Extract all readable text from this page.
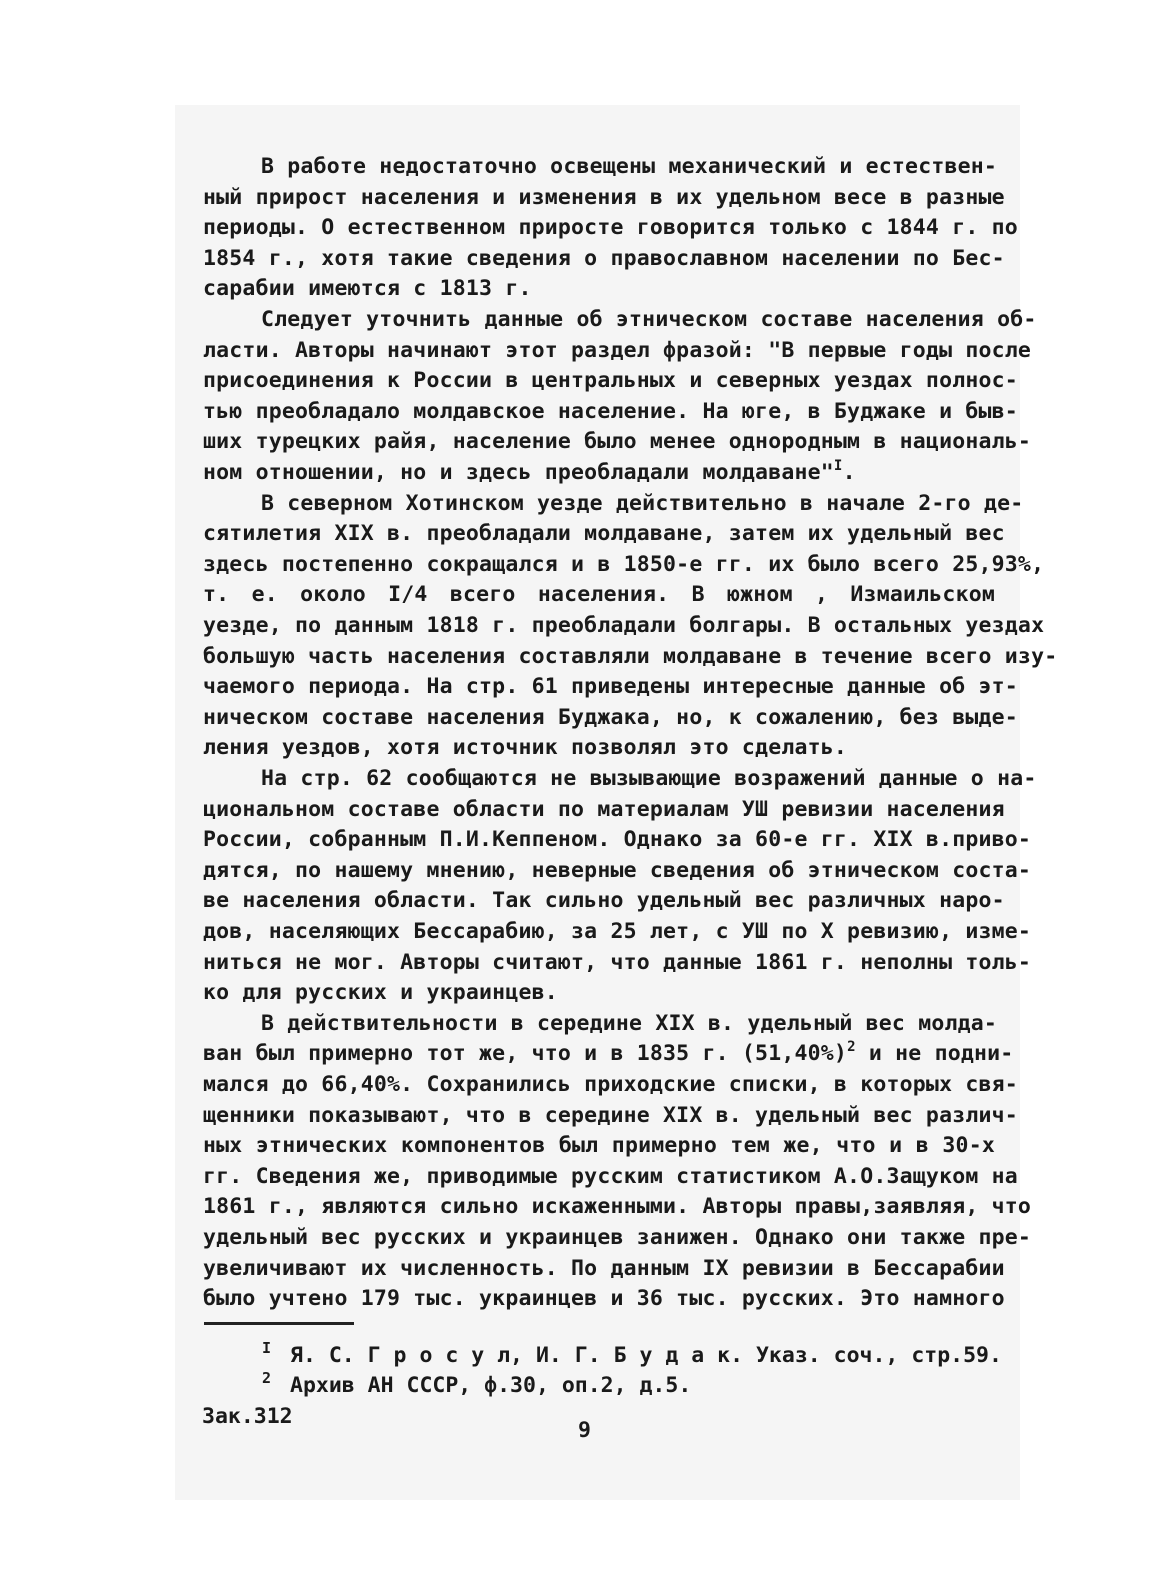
В работе недостаточно освещены механический и естествен-
ный прирост населения и изменения в их удельном весе в разные
периоды. О естественном приросте говорится только с 1844 г. по
1854 г., хотя такие сведения о православном населении по Бес-
сарабии имеются с 1813 г.
Следует уточнить данные об этническом составе населения об-
ласти. Авторы начинают этот раздел фразой: "В первые годы после
присоединения к России в центральных и северных уездах полнос-
тью преобладало молдавское население. На юге, в Буджаке и быв-
ших турецких райя, население было менее однородным в националь-
ном отношении, но и здесь преобладали молдаване"$^I$.
В северном Хотинском уезде действительно в начале 2-го де-
сятилетия XIX в. преобладали молдаване, затем их удельный вес
здесь постепенно сокращался и в 1850-е гг. их было всего 25,93%,
т. е. около I/4 всего населения. В южном , Измаильском
уезде, по данным 1818 г. преобладали болгары. В остальных уездах
большую часть населения составляли молдаване в течение всего изу-
чаемого периода. На стр. 61 приведены интересные данные об эт-
ническом составе населения Буджака, но, к сожалению, без выде-
ления уездов, хотя источник позволял это сделать.
На стр. 62 сообщаются не вызывающие возражений данные о на-
циональном составе области по материалам УШ ревизии населения
России, собранным П.И.Кеппеном. Однако за 60-е гг. XIX в.приво-
дятся, по нашему мнению, неверные сведения об этническом соста-
ве населения области. Так сильно удельный вес различных наро-
дов, населяющих Бессарабию, за 25 лет, с УШ по X ревизию, изме-
ниться не мог. Авторы считают, что данные 1861 г. неполны толь-
ко для русских и украинцев.
В действительности в середине XIX в. удельный вес молда-
ван был примерно тот же, что и в 1835 г. $(51,40\%)^2$ и не подни-
мался до 66,40%. Сохранились приходские списки, в которых свя-
щенники показывают, что в середине XIX в. удельный вес различ-
ных этнических компонентов был примерно тем же, что и в 30-х
гг. Сведения же, приводимые русским статистиком А.О.Защуком на
1861 г., являются сильно искаженными. Авторы правы,заявляя, что
удельный вес русских и украинцев занижен. Однако они также пре-
увеличивают их численность. По данным IX ревизии в Бессарабии
было учтено 179 тыс. украинцев и 36 тыс. русских. Это намного
I Я. С. Г р о с у л, И. Г. Б у д а к. Указ. соч., стр.59.
2 Архив АН СССР, ф.30, оп.2, д.5.
Зак.312
9
